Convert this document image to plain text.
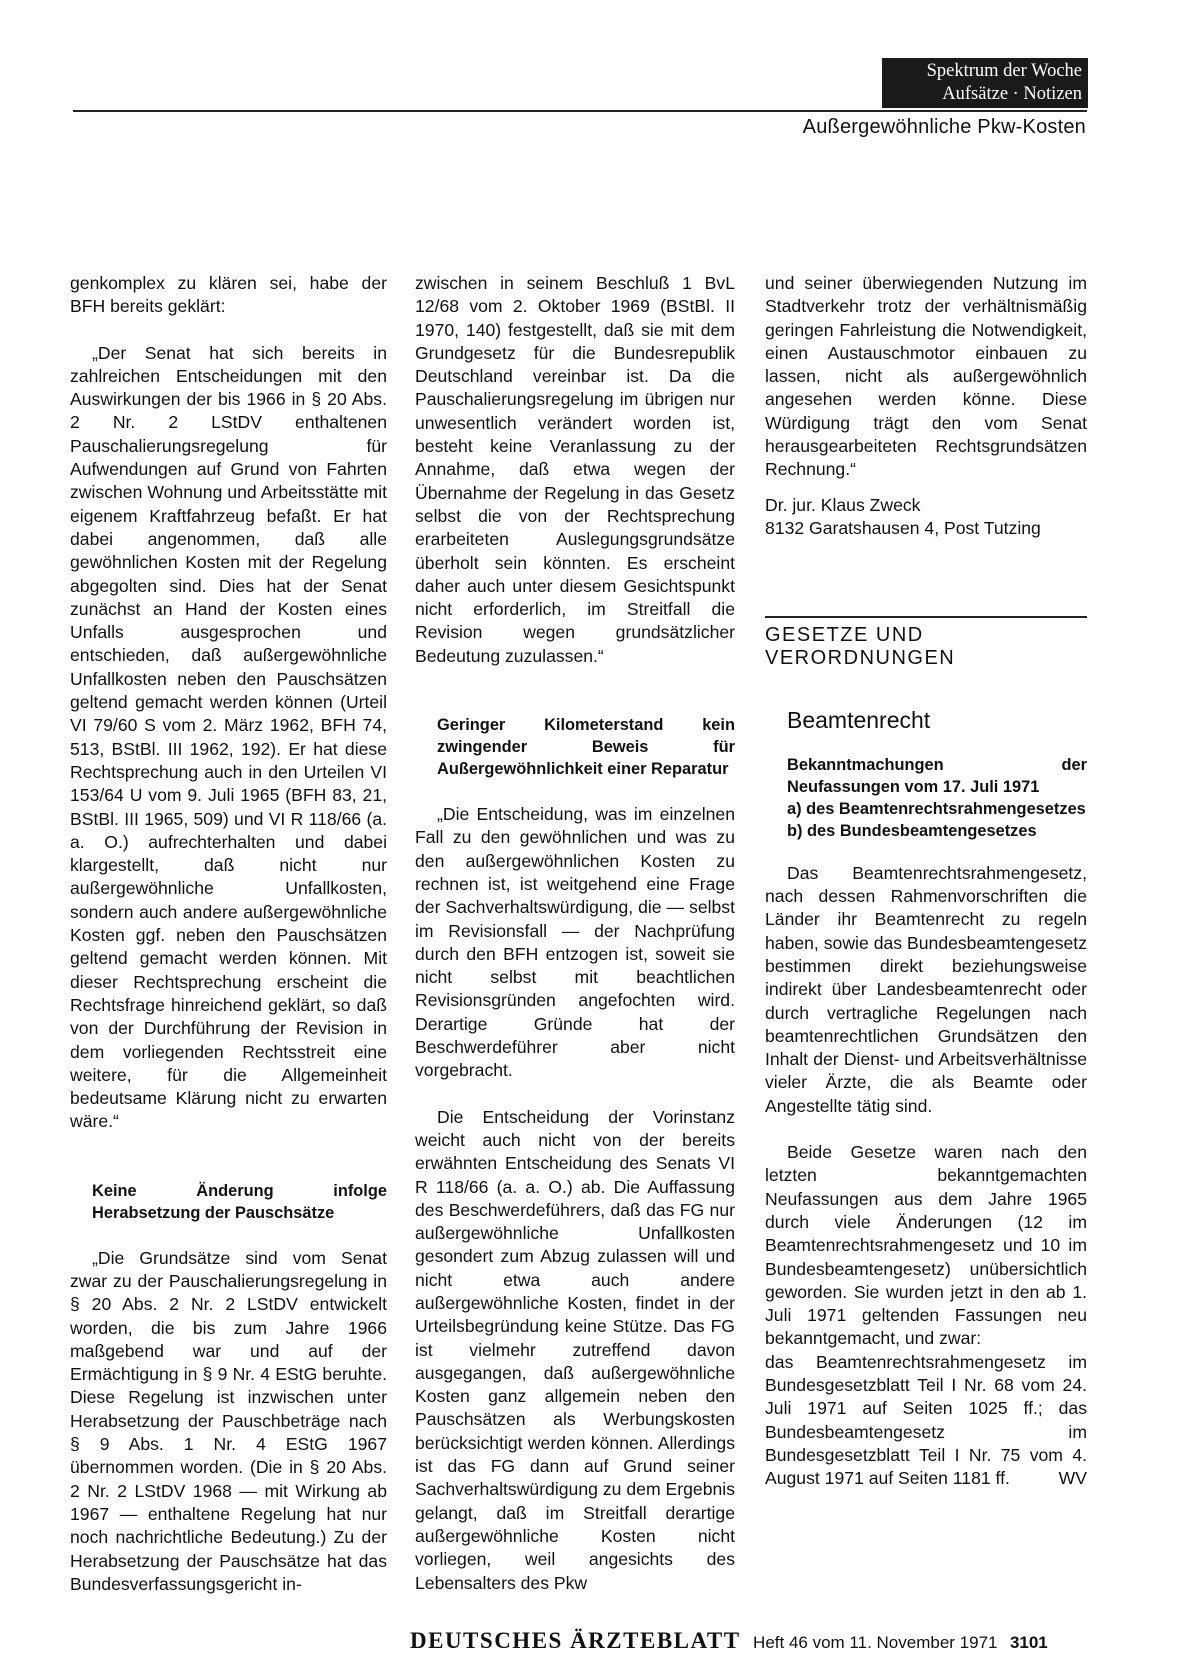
Spektrum der Woche
Aufsätze · Notizen
Außergewöhnliche Pkw-Kosten

genkomplex zu klären sei, habe der BFH bereits geklärt:

„Der Senat hat sich bereits in zahlreichen Entscheidungen mit den Auswirkungen der bis 1966 in § 20 Abs. 2 Nr. 2 LStDV enthaltenen Pauschalierungsregelung für Aufwendungen auf Grund von Fahrten zwischen Wohnung und Arbeitsstätte mit eigenem Kraftfahrzeug befaßt. Er hat dabei angenommen, daß alle gewöhnlichen Kosten mit der Regelung abgegolten sind. Dies hat der Senat zunächst an Hand der Kosten eines Unfalls ausgesprochen und entschieden, daß außergewöhnliche Unfallkosten neben den Pauschsätzen geltend gemacht werden können (Urteil VI 79/60 S vom 2. März 1962, BFH 74, 513, BStBl. III 1962, 192). Er hat diese Rechtsprechung auch in den Urteilen VI 153/64 U vom 9. Juli 1965 (BFH 83, 21, BStBl. III 1965, 509) und VI R 118/66 (a. a. O.) aufrechterhalten und dabei klargestellt, daß nicht nur außergewöhnliche Unfallkosten, sondern auch andere außergewöhnliche Kosten ggf. neben den Pauschsätzen geltend gemacht werden können. Mit dieser Rechtsprechung erscheint die Rechtsfrage hinreichend geklärt, so daß von der Durchführung der Revision in dem vorliegenden Rechtsstreit eine weitere, für die Allgemeinheit bedeutsame Klärung nicht zu erwarten wäre.“

Keine Änderung infolge Herabsetzung der Pauschsätze

„Die Grundsätze sind vom Senat zwar zu der Pauschalierungsregelung in § 20 Abs. 2 Nr. 2 LStDV entwickelt worden, die bis zum Jahre 1966 maßgebend war und auf der Ermächtigung in § 9 Nr. 4 EStG beruhte. Diese Regelung ist inzwischen unter Herabsetzung der Pauschbeträge nach § 9 Abs. 1 Nr. 4 EStG 1967 übernommen worden. (Die in § 20 Abs. 2 Nr. 2 LStDV 1968 — mit Wirkung ab 1967 — enthaltene Regelung hat nur noch nachrichtliche Bedeutung.) Zu der Herabsetzung der Pauschsätze hat das Bundesverfassungsgericht in-

zwischen in seinem Beschluß 1 BvL 12/68 vom 2. Oktober 1969 (BStBl. II 1970, 140) festgestellt, daß sie mit dem Grundgesetz für die Bundesrepublik Deutschland vereinbar ist. Da die Pauschalierungsregelung im übrigen nur unwesentlich verändert worden ist, besteht keine Veranlassung zu der Annahme, daß etwa wegen der Übernahme der Regelung in das Gesetz selbst die von der Rechtsprechung erarbeiteten Auslegungsgrundsätze überholt sein könnten. Es erscheint daher auch unter diesem Gesichtspunkt nicht erforderlich, im Streitfall die Revision wegen grundsätzlicher Bedeutung zuzulassen.“

Geringer Kilometerstand kein zwingender Beweis für Außergewöhnlichkeit einer Reparatur

„Die Entscheidung, was im einzelnen Fall zu den gewöhnlichen und was zu den außergewöhnlichen Kosten zu rechnen ist, ist weitgehend eine Frage der Sachverhaltswürdigung, die — selbst im Revisionsfall — der Nachprüfung durch den BFH entzogen ist, soweit sie nicht selbst mit beachtlichen Revisionsgründen angefochten wird. Derartige Gründe hat der Beschwerdeführer aber nicht vorgebracht.

Die Entscheidung der Vorinstanz weicht auch nicht von der bereits erwähnten Entscheidung des Senats VI R 118/66 (a. a. O.) ab. Die Auffassung des Beschwerdeführers, daß das FG nur außergewöhnliche Unfallkosten gesondert zum Abzug zulassen will und nicht etwa auch andere außergewöhnliche Kosten, findet in der Urteilsbegründung keine Stütze. Das FG ist vielmehr zutreffend davon ausgegangen, daß außergewöhnliche Kosten ganz allgemein neben den Pauschsätzen als Werbungskosten berücksichtigt werden können. Allerdings ist das FG dann auf Grund seiner Sachverhaltswürdigung zu dem Ergebnis gelangt, daß im Streitfall derartige außergewöhnliche Kosten nicht vorliegen, weil angesichts des Lebensalters des Pkw

und seiner überwiegenden Nutzung im Stadtverkehr trotz der verhältnismäßig geringen Fahrleistung die Notwendigkeit, einen Austauschmotor einbauen zu lassen, nicht als außergewöhnlich angesehen werden könne. Diese Würdigung trägt den vom Senat herausgearbeiteten Rechtsgrundsätzen Rechnung.“

Dr. jur. Klaus Zweck

8132 Garatshausen 4, Post Tutzing

GESETZE UND

VERORDNUNGEN

Beamtenrecht

Bekanntmachungen der Neufassungen vom 17. Juli 1971

a) des Beamtenrechtsrahmengesetzes

b) des Bundesbeamtengesetzes

Das Beamtenrechtsrahmengesetz, nach dessen Rahmenvorschriften die Länder ihr Beamtenrecht zu regeln haben, sowie das Bundesbeamtengesetz bestimmen direkt beziehungsweise indirekt über Landesbeamtenrecht oder durch vertragliche Regelungen nach beamtenrechtlichen Grundsätzen den Inhalt der Dienst- und Arbeitsverhältnisse vieler Ärzte, die als Beamte oder Angestellte tätig sind.

Beide Gesetze waren nach den letzten bekanntgemachten Neufassungen aus dem Jahre 1965 durch viele Änderungen (12 im Beamtenrechtsrahmengesetz und 10 im Bundesbeamtengesetz) unübersichtlich geworden. Sie wurden jetzt in den ab 1. Juli 1971 geltenden Fassungen neu bekanntgemacht, und zwar:

das Beamtenrechtsrahmengesetz im Bundesgesetzblatt Teil I Nr. 68 vom 24. Juli 1971 auf Seiten 1025 ff.; das Bundesbeamtengesetz im Bundesgesetzblatt Teil I Nr. 75 vom 4. August 1971 auf Seiten 1181 ff.	WV

DEUTSCHES ÄRZTEBLATT Heft 46 vom 11. November 1971 3101
